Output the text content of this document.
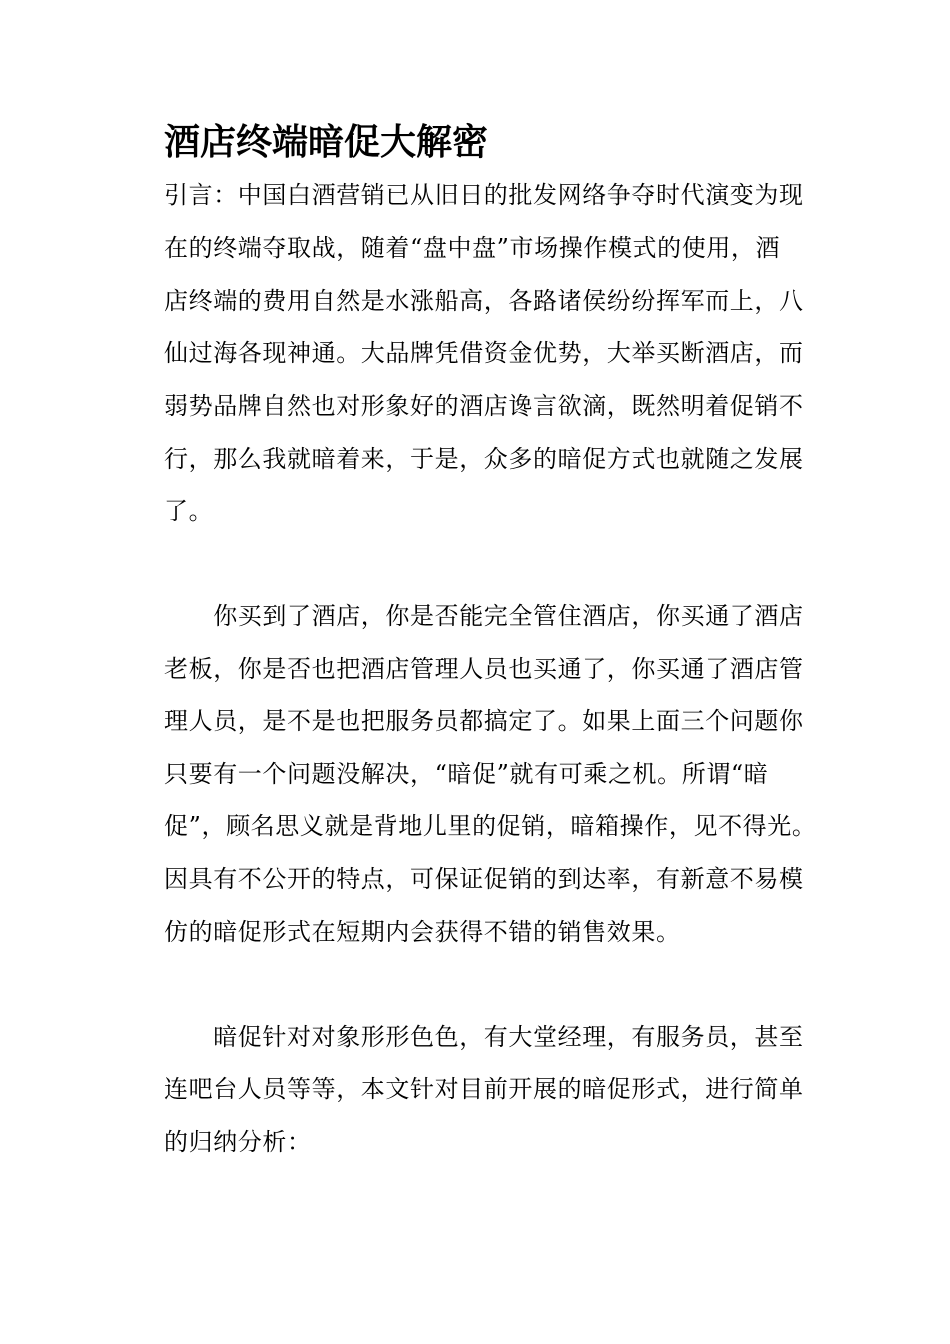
酒店终端暗促大解密
引言：中国白酒营销已从旧日的批发网络争夺时代演变为现
在的终端夺取战，随着“盘中盘”市场操作模式的使用，酒
店终端的费用自然是水涨船高，各路诸侯纷纷挥军而上，八
仙过海各现神通。大品牌凭借资金优势，大举买断酒店，而
弱势品牌自然也对形象好的酒店谗言欲滴，既然明着促销不
行，那么我就暗着来，于是，众多的暗促方式也就随之发展
了。
　　你买到了酒店，你是否能完全管住酒店，你买通了酒店
老板，你是否也把酒店管理人员也买通了，你买通了酒店管
理人员，是不是也把服务员都搞定了。如果上面三个问题你
只要有一个问题没解决，“暗促”就有可乘之机。所谓“暗
促”，顾名思义就是背地儿里的促销，暗箱操作，见不得光。
因具有不公开的特点，可保证促销的到达率，有新意不易模
仿的暗促形式在短期内会获得不错的销售效果。
　　暗促针对对象形形色色，有大堂经理，有服务员，甚至
连吧台人员等等，本文针对目前开展的暗促形式，进行简单
的归纳分析：
